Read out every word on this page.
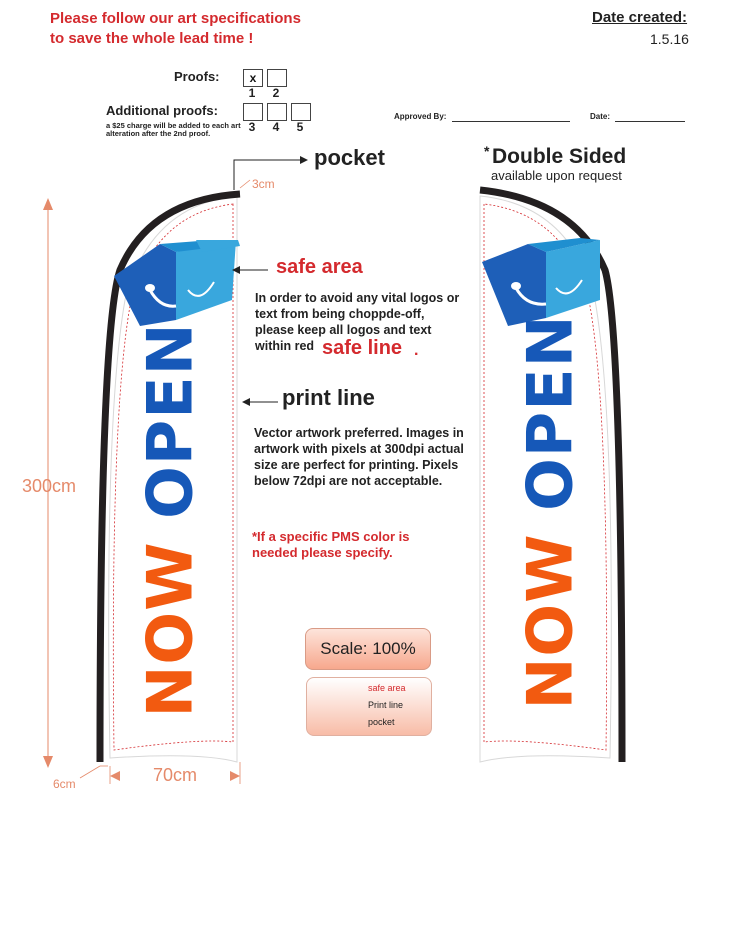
Please follow our art specifications
to save the whole lead time !
Date created:
1.5.16
Proofs:	x
1	2
Additional proofs:
a $25 charge will be added to each art alteration after the 2nd proof.	3	4	5
Approved By:	Date:
NOW OPEN
NOW OPEN
pocket	* Double Sided
available upon request
safe area
In order to avoid any vital logos or text from being choppde-off, please keep all logos and text within red safe line .
print line
Vector artwork preferred. Images in artwork with pixels at 300dpi actual size are perfect for printing. Pixels below 72dpi are not acceptable.
*If a specific PMS color is needed please specify.
300cm
70cm
3cm
6cm
Scale: 100%
safe area
Print line
pocket
